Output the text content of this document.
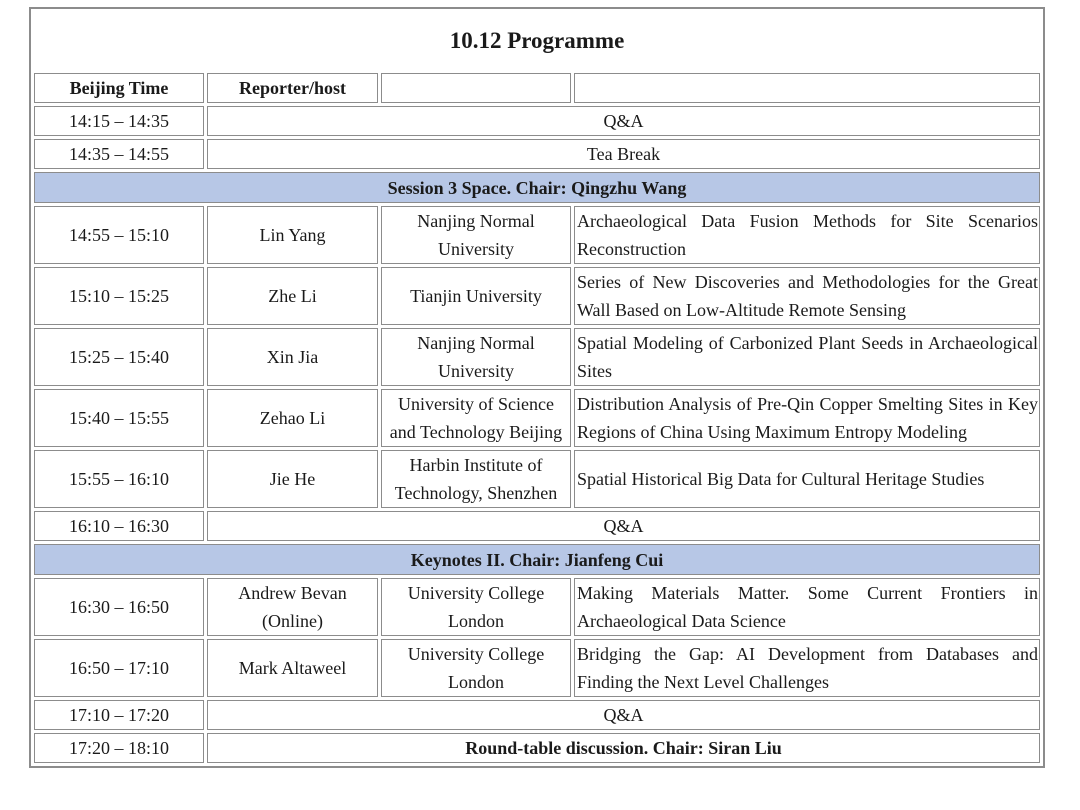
10.12 Programme			
Beijing Time	Reporter/host		
14:15 – 14:35	Q&A		
14:35 – 14:55	Tea Break		
Session 3 Space. Chair: Qingzhu Wang			
14:55 – 15:10	Lin Yang	Nanjing Normal University	Archaeological Data Fusion Methods for Site Scenarios Reconstruction
15:10 – 15:25	Zhe Li	Tianjin University	Series of New Discoveries and Methodologies for the Great Wall Based on Low-Altitude Remote Sensing
15:25 – 15:40	Xin Jia	Nanjing Normal University	Spatial Modeling of Carbonized Plant Seeds in Archaeological Sites
15:40 – 15:55	Zehao Li	University of Science and Technology Beijing	Distribution Analysis of Pre-Qin Copper Smelting Sites in Key Regions of China Using Maximum Entropy Modeling
15:55 – 16:10	Jie He	Harbin Institute of Technology, Shenzhen	Spatial Historical Big Data for Cultural Heritage Studies
16:10 – 16:30	Q&A		
Keynotes II. Chair: Jianfeng Cui			
16:30 – 16:50	Andrew Bevan (Online)	University College London	Making Materials Matter. Some Current Frontiers in Archaeological Data Science
16:50 – 17:10	Mark Altaweel	University College London	Bridging the Gap: AI Development from Databases and Finding the Next Level Challenges
17:10 – 17:20	Q&A		
17:20 – 18:10	Round-table discussion. Chair: Siran Liu		
